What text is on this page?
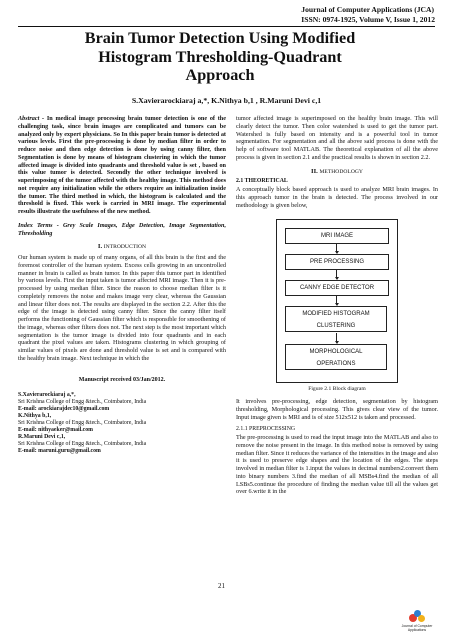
Journal of Computer Applications (JCA)
ISSN: 0974-1925, Volume V, Issue 1, 2012
Brain Tumor Detection Using Modified
Histogram Thresholding-Quadrant
Approach
S.Xavierarockiaraj a,*, K.Nithya b,1 , R.Maruni Devi c,1

Abstract - In medical image processing brain tumor detection is one of the challenging task, since brain images are complicated and tumors can be analyzed only by expert physicians. So In this paper brain tumor is detected at various levels. First the pre-processing is done by median filter in order to reduce noise and then edge detection is done by using canny filter, then Segmentation is done by means of histogram clustering in which the tumor affected image is divided into quadrants and threshold value is set , based on this value tumor is detected. Secondly the other technique involved is superimposing of the tumor affected with the healthy image. This method does not require any initialization while the others require an initialization inside the tumor. The third method in which, the histogram is calculated and the threshold is fixed. This work is carried in MRI image. The experimental results illustrate the usefulness of the new method.

Index Terms - Grey Scale Images, Edge Detection, Image Segmentation, Thresholding

I. INTRODUCTION

Our human system is made up of many organs, of all this brain is the first and the foremost controller of the human system. Excess cells growing in an uncontrolled manner in brain is called as brain tumor. In this paper this tumor part in identified by various levels. First the input taken is tumor affected MRI image. Then it is pre-processed by using median filter. Since the reason to choose median filter is it completely removes the noise and makes image very clear, whereas the Gaussian and linear filter does not. The results are displayed in the section 2.2. After this the edge of the image is detected using canny filter. Since the canny filter itself performs the functioning of Gaussian filter which is responsible for smoothening of the image, whereas other filters does not. The next step is the most important which segmentation is the tumor image is divided into four quadrants and in each quadrant the pixel values are taken. Histograms clustering in which grouping of similar values of pixels are done and threshold value is set and is compared with the healthy brain image. Next technique in which the

Manuscript received 03/Jan/2012.

S.Xavierarockiaraj a,*,
Sri Krishna College of Engg &tech., Coimbatore, India
E-mail: arockiarajdec10@gmail.com
K.Nithya b,1,
Sri Krishna College of Engg &tech., Coimbatore, India
E-mail: nithyaeker@mail.com
R.Maruni Devi c,1,
Sri Krishna College of Engg &tech., Coimbatore, India
E-mail: maruni.guru@gmail.com

tumor affected image is superimposed on the healthy brain image. This will clearly detect the tumor. Then color watershed is used to get the tumor part. Watershed is fully based on intensity and is a powerful tool in tumor segmentation. For segmentation and all the above said process is done with the help of software tool MATLAB. The theoretical explanation of all the above process is given in section 2.1 and the practical results is shown in section 2.2.

II. METHODOLOGY

2.1 THEORETICAL

A conceptually block based approach is used to analyze MRI brain images. In this approach tumor in the brain is detected. The process involved in our methodology is given below,

MRI IMAGE
PRE PROCESSING
CANNY EDGE DETECTOR
MODIFIED HISTOGRAM
CLUSTERING
MORPHOLOGICAL
OPERATIONS

Figure 2.1 Block diagram

It involves pre-processing, edge detection, segmentation by histogram thresholding, Morphological processing. This gives clear view of the tumor. Input image given is MRI and is of size 512x512 is taken and processed.

2.1.1 PREPROCESSING

The pre-processing is used to read the input image into the MATLAB and also to remove the noise present in the image. In this method noise is removed by using median filter. Since it reduces the variance of the intensities in the image and also it is used to preserve edge shapes and the location of the edges. The steps involved in median filter is 1.input the values in decimal numbers2.convert them into binary numbers 3.find the median of all MSBs4.find the median of all LSBs5.continue the procedure of finding the median value till all the values get over 6.write it in the

21
Journal of Computer
Applications
